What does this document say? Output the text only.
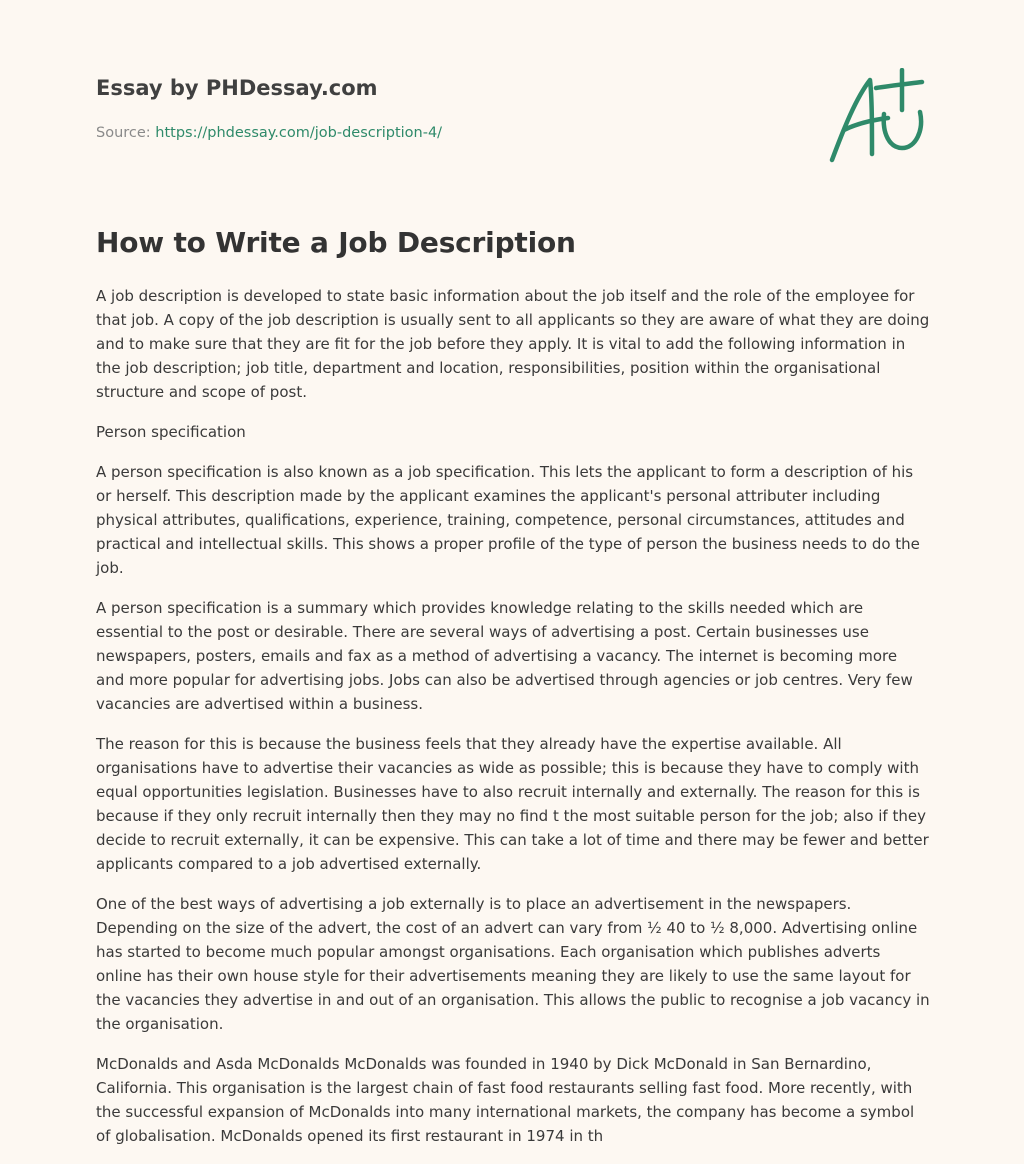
Essay by PHDessay.com
Source: https://phdessay.com/job-description-4/
How to Write a Job Description

A job description is developed to state basic information about the job itself and the role of the employee for that job. A copy of the job description is usually sent to all applicants so they are aware of what they are doing and to make sure that they are fit for the job before they apply. It is vital to add the following information in the job description; job title, department and location, responsibilities, position within the organisational structure and scope of post.

Person specification

A person specification is also known as a job specification. This lets the applicant to form a description of his or herself. This description made by the applicant examines the applicant's personal attributer including physical attributes, qualifications, experience, training, competence, personal circumstances, attitudes and practical and intellectual skills. This shows a proper profile of the type of person the business needs to do the job.

A person specification is a summary which provides knowledge relating to the skills needed which are essential to the post or desirable. There are several ways of advertising a post. Certain businesses use newspapers, posters, emails and fax as a method of advertising a vacancy. The internet is becoming more and more popular for advertising jobs. Jobs can also be advertised through agencies or job centres. Very few vacancies are advertised within a business.

The reason for this is because the business feels that they already have the expertise available. All organisations have to advertise their vacancies as wide as possible; this is because they have to comply with equal opportunities legislation. Businesses have to also recruit internally and externally. The reason for this is because if they only recruit internally then they may no find t the most suitable person for the job; also if they decide to recruit externally, it can be expensive. This can take a lot of time and there may be fewer and better applicants compared to a job advertised externally.

One of the best ways of advertising a job externally is to place an advertisement in the newspapers. Depending on the size of the advert, the cost of an advert can vary from ½ 40 to ½ 8,000. Advertising online has started to become much popular amongst organisations. Each organisation which publishes adverts online has their own house style for their advertisements meaning they are likely to use the same layout for the vacancies they advertise in and out of an organisation. This allows the public to recognise a job vacancy in the organisation.

McDonalds and Asda McDonalds McDonalds was founded in 1940 by Dick McDonald in San Bernardino, California. This organisation is the largest chain of fast food restaurants selling fast food. More recently, with the successful expansion of McDonalds into many international markets, the company has become a symbol of globalisation. McDonalds opened its first restaurant in 1974 in th
